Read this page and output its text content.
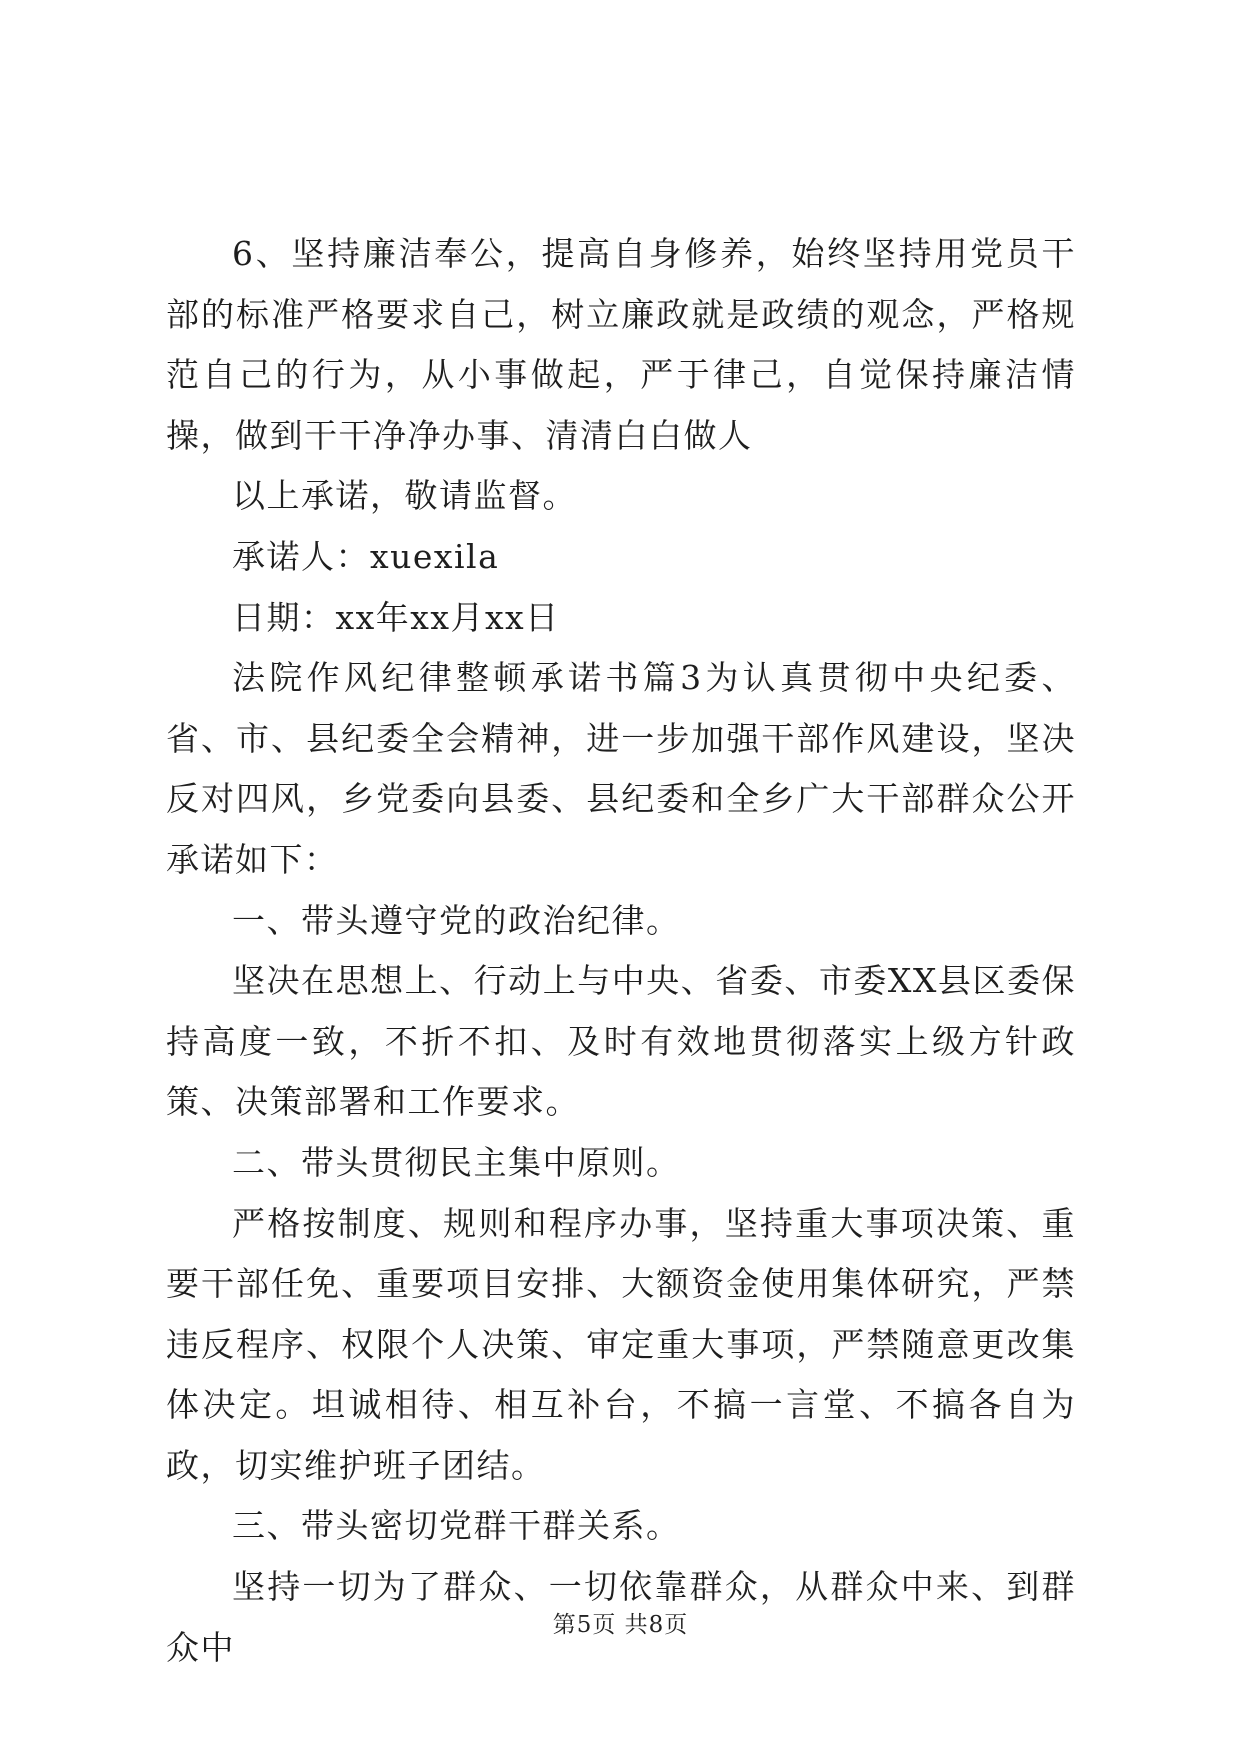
6、坚持廉洁奉公，提高自身修养，始终坚持用党员干部的标准严格要求自己，树立廉政就是政绩的观念，严格规范自己的行为，从小事做起，严于律己，自觉保持廉洁情操，做到干干净净办事、清清白白做人

以上承诺，敬请监督。

承诺人：xuexila

日期：xx年xx月xx日

法院作风纪律整顿承诺书篇3为认真贯彻中央纪委、省、市、县纪委全会精神，进一步加强干部作风建设，坚决反对四风，乡党委向县委、县纪委和全乡广大干部群众公开承诺如下：

一、带头遵守党的政治纪律。

坚决在思想上、行动上与中央、省委、市委XX县区委保持高度一致，不折不扣、及时有效地贯彻落实上级方针政策、决策部署和工作要求。

二、带头贯彻民主集中原则。

严格按制度、规则和程序办事，坚持重大事项决策、重要干部任免、重要项目安排、大额资金使用集体研究，严禁违反程序、权限个人决策、审定重大事项，严禁随意更改集体决定。坦诚相待、相互补台，不搞一言堂、不搞各自为政，切实维护班子团结。

三、带头密切党群干群关系。

坚持一切为了群众、一切依靠群众，从群众中来、到群众中

第5页 共8页
